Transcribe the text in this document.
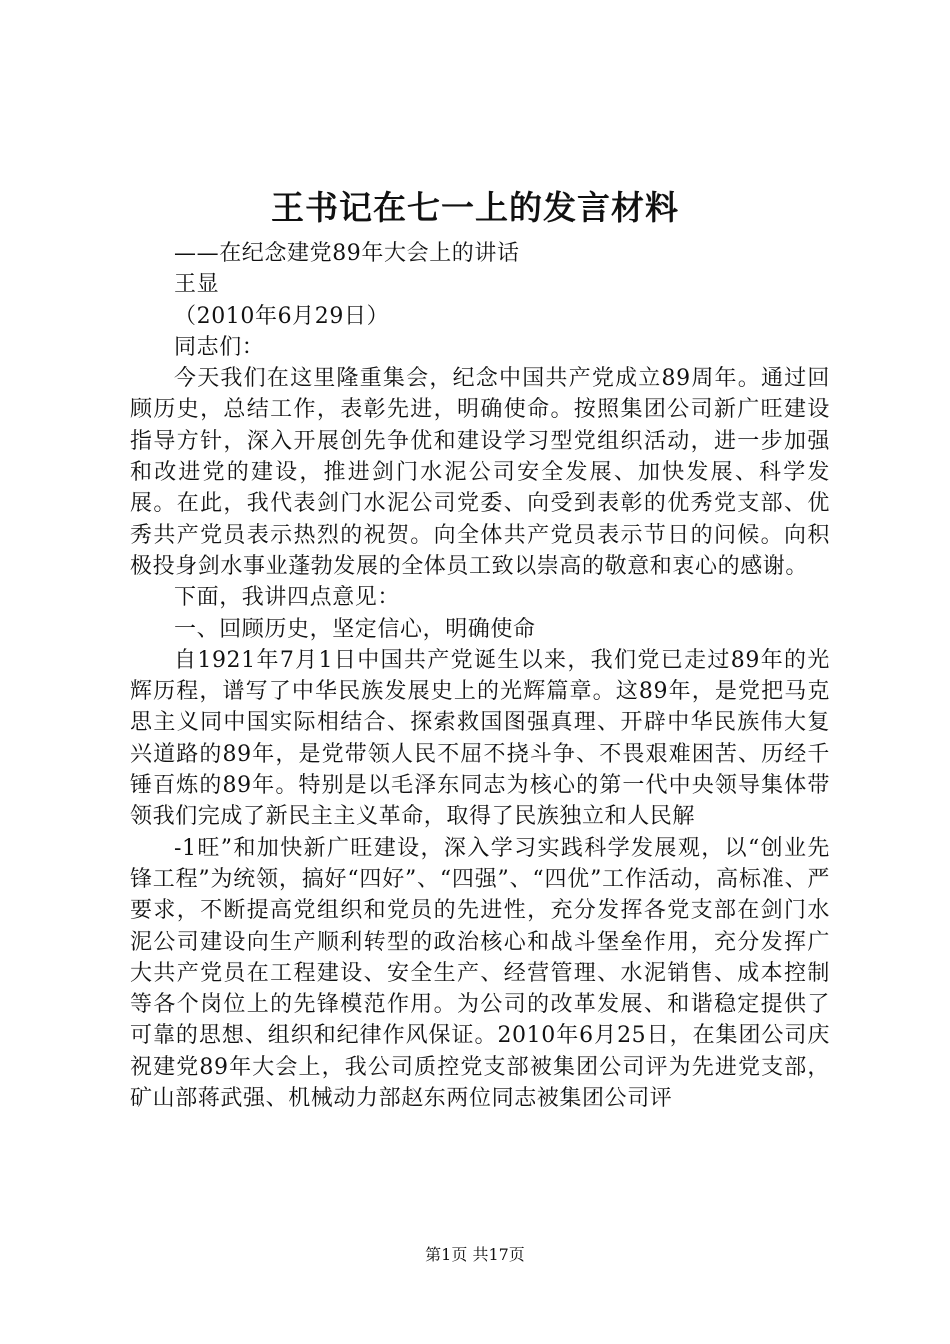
王书记在七一上的发言材料

——在纪念建党89年大会上的讲话

王显

（2010年6月29日）

同志们：

今天我们在这里隆重集会，纪念中国共产党成立89周年。通过回顾历史，总结工作，表彰先进，明确使命。按照集团公司新广旺建设指导方针，深入开展创先争优和建设学习型党组织活动，进一步加强和改进党的建设，推进剑门水泥公司安全发展、加快发展、科学发展。在此，我代表剑门水泥公司党委、向受到表彰的优秀党支部、优秀共产党员表示热烈的祝贺。向全体共产党员表示节日的问候。向积极投身剑水事业蓬勃发展的全体员工致以崇高的敬意和衷心的感谢。

下面，我讲四点意见：

一、回顾历史，坚定信心，明确使命

自1921年7月1日中国共产党诞生以来，我们党已走过89年的光辉历程，谱写了中华民族发展史上的光辉篇章。这89年，是党把马克思主义同中国实际相结合、探索救国图强真理、开辟中华民族伟大复兴道路的89年，是党带领人民不屈不挠斗争、不畏艰难困苦、历经千锤百炼的89年。特别是以毛泽东同志为核心的第一代中央领导集体带领我们完成了新民主主义革命，取得了民族独立和人民解

-1旺”和加快新广旺建设，深入学习实践科学发展观，以“创业先锋工程”为统领，搞好“四好”、“四强”、“四优”工作活动，高标准、严要求，不断提高党组织和党员的先进性，充分发挥各党支部在剑门水泥公司建设向生产顺利转型的政治核心和战斗堡垒作用，充分发挥广大共产党员在工程建设、安全生产、经营管理、水泥销售、成本控制等各个岗位上的先锋模范作用。为公司的改革发展、和谐稳定提供了可靠的思想、组织和纪律作风保证。2010年6月25日，在集团公司庆祝建党89年大会上，我公司质控党支部被集团公司评为先进党支部，矿山部蒋武强、机械动力部赵东两位同志被集团公司评

第1页 共17页
